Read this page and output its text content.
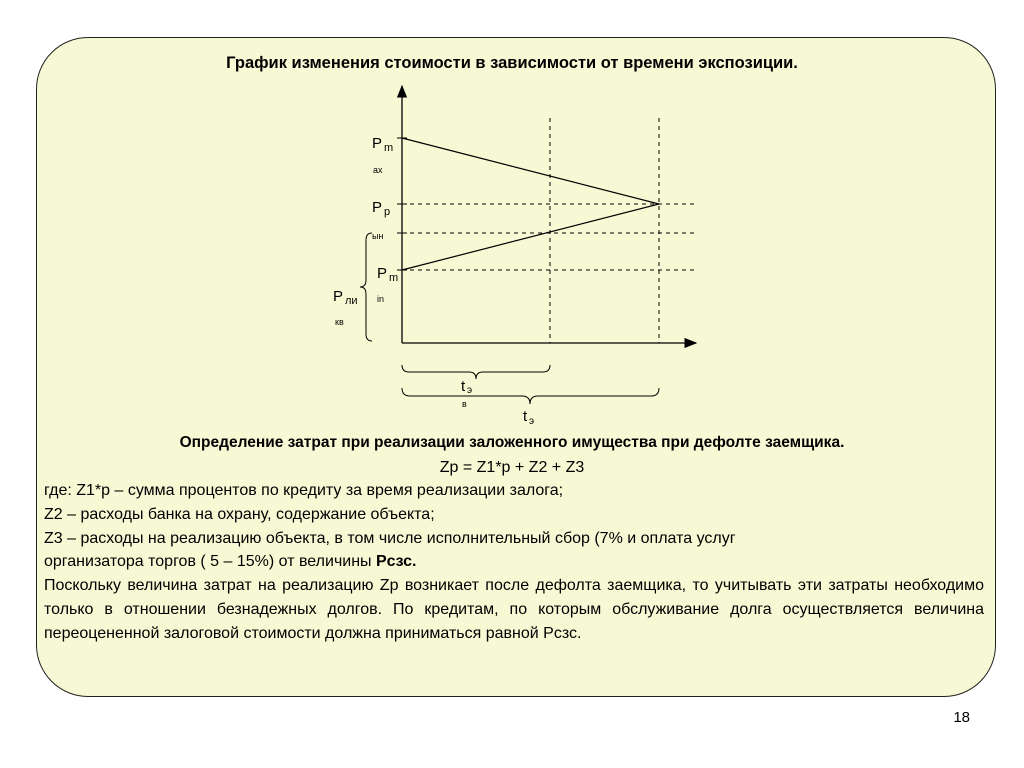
График изменения стоимости в зависимости от времени экспозиции.
Р m
ax
Р р
ын
Р m
in
Р ли
кв
t э
в
t э
Определение затрат при реализации заложенного имущества при дефолте заемщика.
Zр = Z1*р + Z2 + Z3
где: Z1*р – сумма процентов по кредиту за время реализации залога;
Z2 – расходы банка на охрану, содержание объекта;
Z3 – расходы на реализацию объекта, в том числе исполнительный сбор (7% и оплата услуг
организатора торгов ( 5 – 15%) от величины Рсзс.
Поскольку величина затрат на реализацию Zр возникает после дефолта заемщика, то учитывать эти затраты необходимо только в отношении безнадежных долгов. По кредитам, по которым обслуживание долга осуществляется величина переоцененной залоговой стоимости должна приниматься равной Рсзс.
18
